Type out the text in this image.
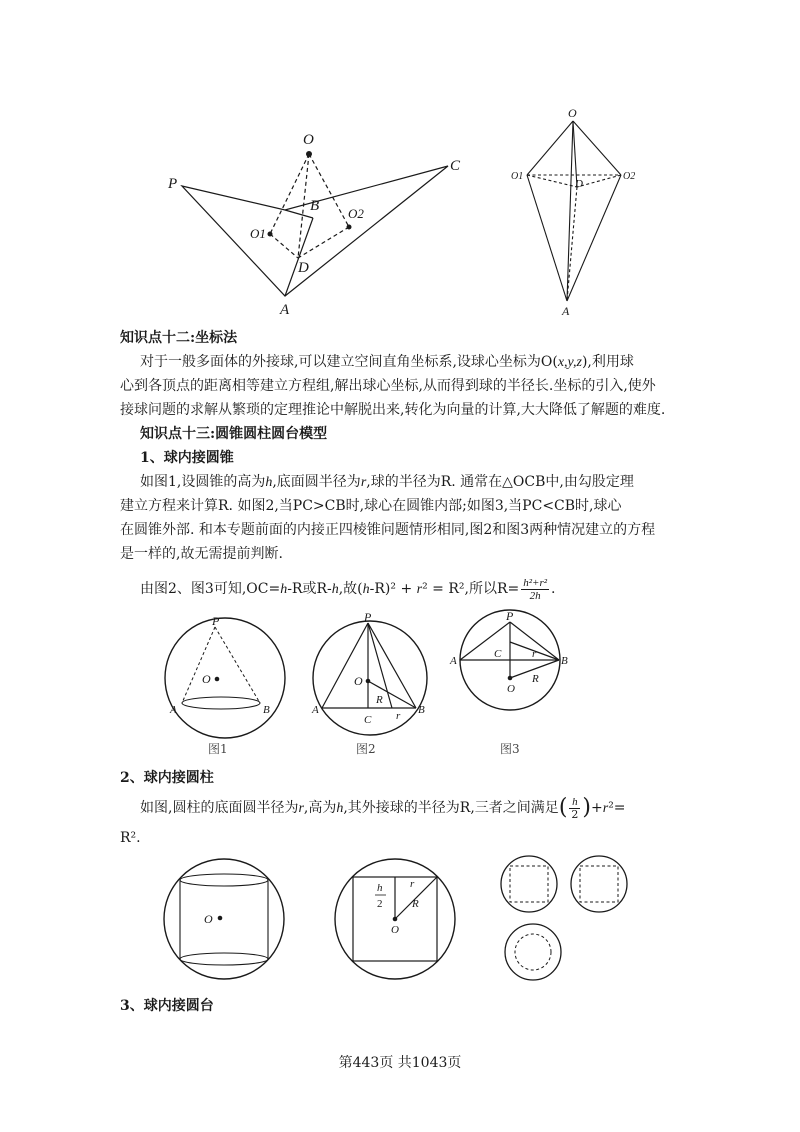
O
P
C
B
O1
O2
D
A
O
O1
D
O2
A
知识点十二:坐标法
对于一般多面体的外接球,可以建立空间直角坐标系,设球心坐标为O(x,y,z),利用球
心到各顶点的距离相等建立方程组,解出球心坐标,从而得到球的半径长.坐标的引入,使外
接球问题的求解从繁琐的定理推论中解脱出来,转化为向量的计算,大大降低了解题的难度.
知识点十三:圆锥圆柱圆台模型
1、球内接圆锥
如图1,设圆锥的高为h,底面圆半径为r,球的半径为R. 通常在△OCB中,由勾股定理
建立方程来计算R. 如图2,当PC>CB时,球心在圆锥内部;如图3,当PC<CB时,球心
在圆锥外部. 和本专题前面的内接正四棱锥问题情形相同,图2和图3两种情况建立的方程
是一样的,故无需提前判断.
由图2、图3可知,OC=h-R或R-h,故(h-R)² + r² = R²,所以$R= \frac{\text{h²+r²}}{2h}$ .
P
O
A	B
图1
P
O
R
A	B
C r
图2
P
A
C	r
B
O
R
图3
2、球内接圆柱
如图,圆柱的底面圆半径为r,高为h,其外接球的半径为R,三者之间满足( $\frac{h}{2} )+r^2=$
R².
O
h
2
r
R
O
3、球内接圆台
第443页 共1043页
